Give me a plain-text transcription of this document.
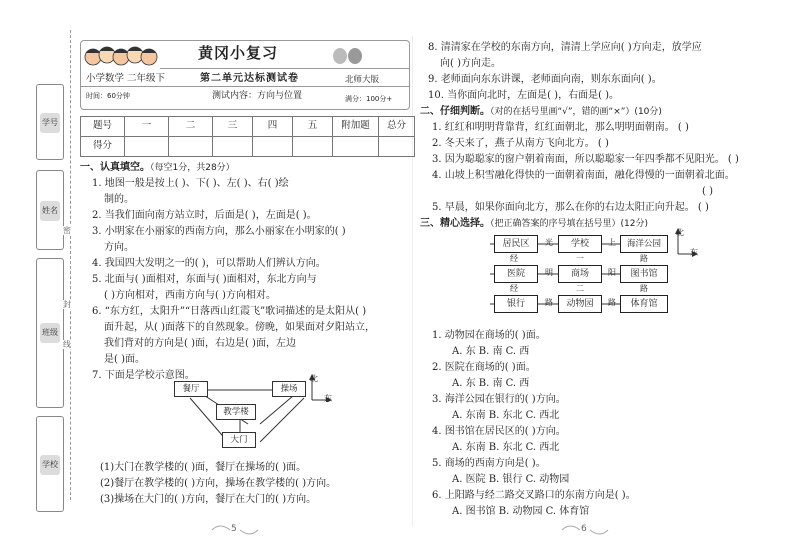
学号
姓名
班级
学校
密
封
线
黄冈小复习
小学数学 二年级下
时间：60分钟
第二单元达标测试卷
测试内容：方向与位置
北师大版
满分：100分+
题号	一	二	三	四	五	附加题	总分
得分							
一、认真填空。（每空1分，共28分）
1. 地图一般是按上( )、下( )、左( )、右( )绘
制的。
2. 当我们面向南方站立时，后面是( )，左面是( )。
3. 小明家在小丽家的西南方向，那么小丽家在小明家的( )
方向。
4. 我国四大发明之一的( )，可以帮助人们辨认方向。
5. 北面与( )面相对，东面与( )面相对，东北方向与
( )方向相对，西南方向与( )方向相对。
6. “东方红，太阳升”“日落西山红霞飞”歌词描述的是太阳从( )
面升起，从( )面落下的自然现象。傍晚，如果面对夕阳站立，
我们背对的方向是( )面，右边是( )面，左边
是( )面。
7. 下面是学校示意图。
餐厅	操场
教学楼
大门
北
东
(1)大门在教学楼的( )面，餐厅在操场的( )面。
(2)餐厅在教学楼的( )方向，操场在教学楼的( )方向。
(3)操场在大门的( )方向，餐厅在大门的( )方向。
8. 清清家在学校的东南方向，清清上学应向( )方向走，放学应
向( )方向走。
9. 老师面向东东讲课，老师面向南，则东东面向( )。
10. 当你面向北时，左面是( )，右面是( )。
二、仔细判断。（对的在括号里画“√”，错的画“×”）(10分)
1. 红红和明明背靠背，红红面朝北，那么明明面朝南。 ( )
2. 冬天来了，燕子从南方飞向北方。 ( )
3. 因为聪聪家的窗户朝着南面，所以聪聪家一年四季都不见阳光。 ( )
4. 山坡上积雪融化得快的一面朝着南面，融化得慢的一面朝着北面。
( )
5. 早晨，如果你面向北方，那么在你的右边太阳正向升起。 ( )
三、精心选择。（把正确答案的序号填在括号里）(12分)
居民区	光	学校	上	海洋公园
经	一	路
医院	明	商场	阳	图书馆
经	二	路
银行	路	动物园	路	体育馆
北
东
1. 动物园在商场的( )面。
A. 东 B. 南 C. 西
2. 医院在商场的( )面。
A. 东 B. 南 C. 西
3. 海洋公园在银行的( )方向。
A. 东南 B. 东北 C. 西北
4. 图书馆在居民区的( )方向。
A. 东南 B. 东北 C. 西北
5. 商场的西南方向是( )。
A. 医院 B. 银行 C. 动物园
6. 上阳路与经二路交叉路口的东南方向是( )。
A. 图书馆 B. 动物园 C. 体育馆
5	6
